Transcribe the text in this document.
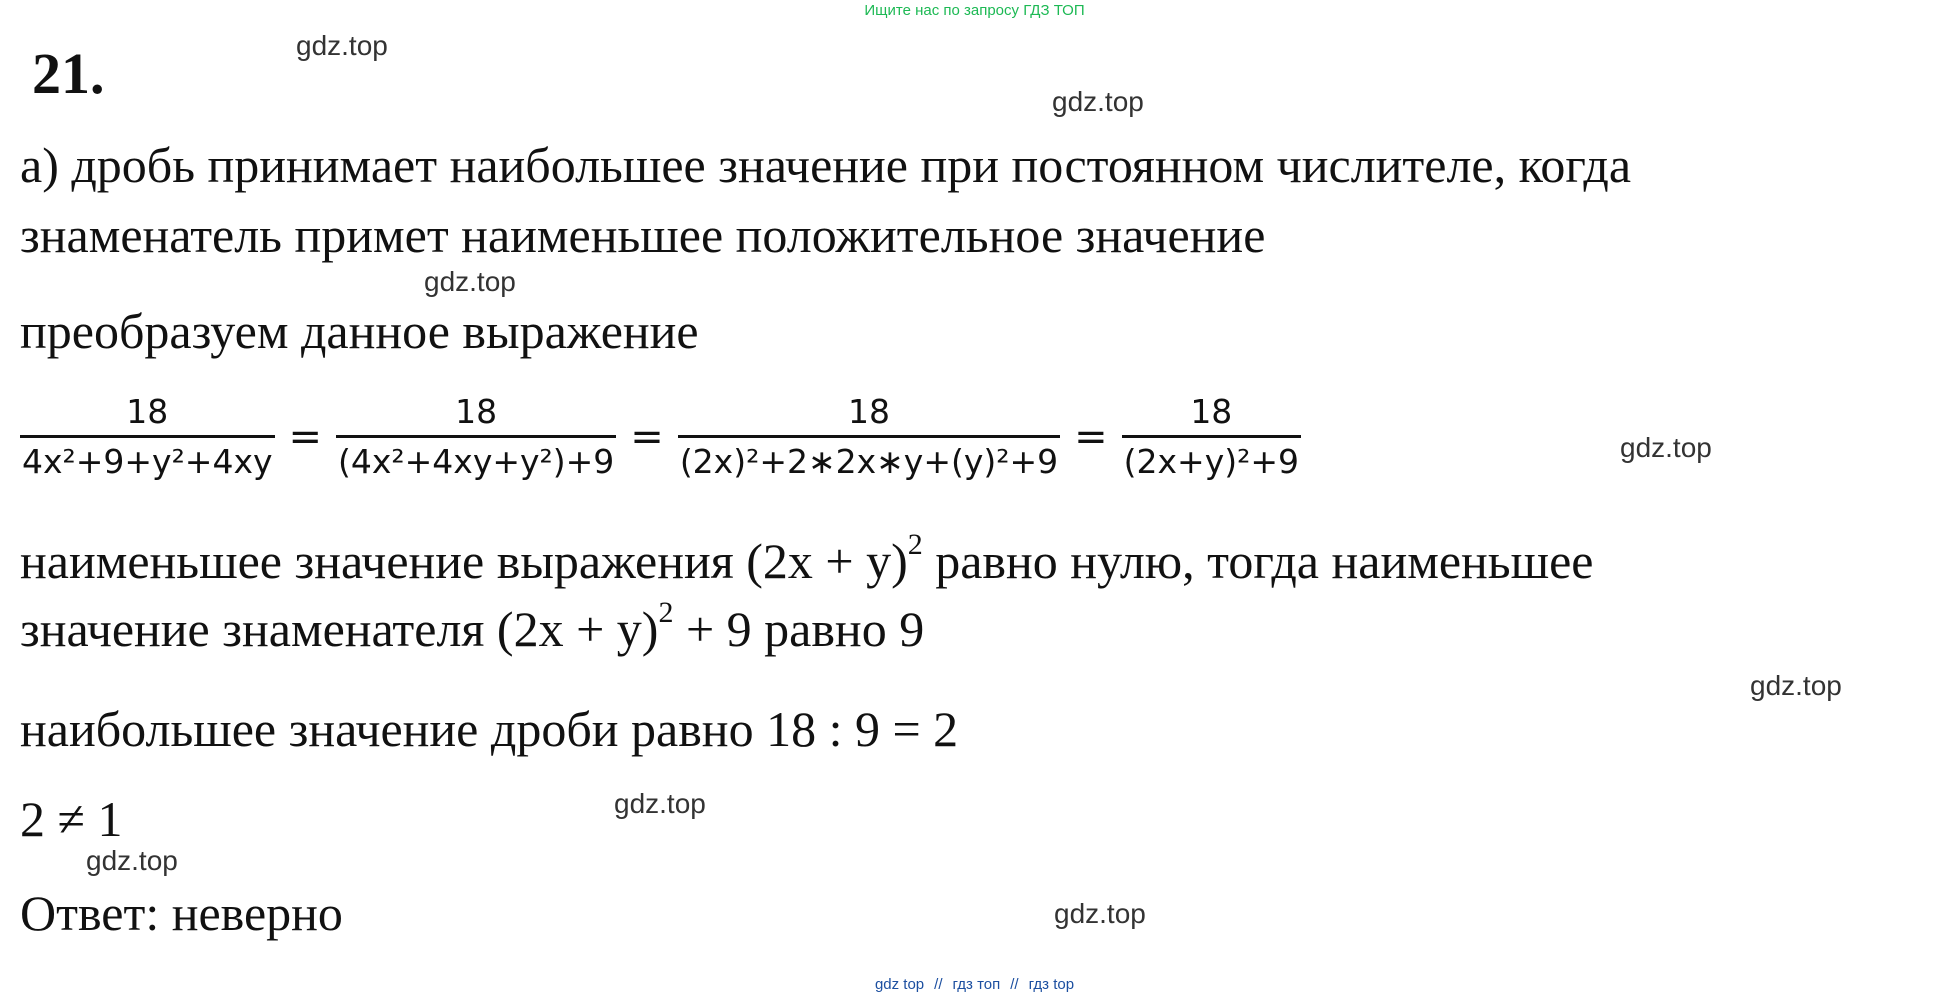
Ищите нас по запросу ГДЗ ТОП
21.	gdz.top
gdz.top
gdz.top
gdz.top
gdz.top
gdz.top
gdz.top
gdz.top
а) дробь принимает наибольшее значение при постоянном числителе, когда
знаменатель примет наименьшее положительное значение
преобразуем данное выражение
$\frac{18}{\text{4x²+9+y²+4xy}} = \frac{18}{\text{(4x²+4xy+y²)+9}} = \frac{18}{\text{(2x)²+2∗2x∗y+(y)²+9}} = \frac{18}{\text{(2x+y)²+9}}$
наименьшее значение выражения $(2x + y)^2$ равно нулю, тогда наименьшее
значение знаменателя $(2x + y)^2 + 9$ равно 9
наибольшее значение дроби равно 18 : 9 = 2
2 ≠ 1
Ответ: неверно
gdz top // гдз топ // гдз top
